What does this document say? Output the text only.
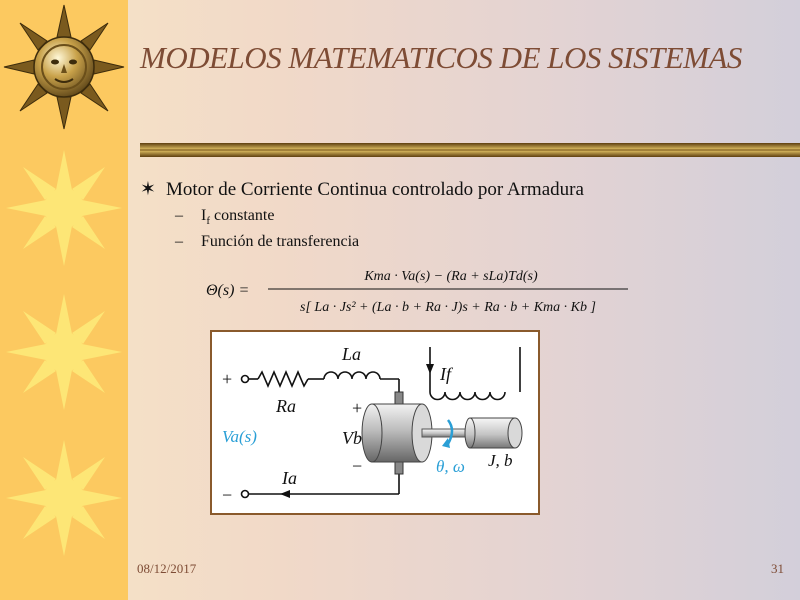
MODELOS MATEMATICOS DE LOS SISTEMAS
✶ Motor de Corriente Continua controlado por Armadura
– $I_f$ constante
– Función de transferencia
Θ(s) =
Kma · Va(s) − (Ra + sLa)Td(s)
s[ La · Js² + (La · b + Ra · J)s + Ra · b + Kma · Kb ]
+
−
La
Ra
If
Va(s)
+
Vb
−
Ia
θ, ω J, b
08/12/2017	31
